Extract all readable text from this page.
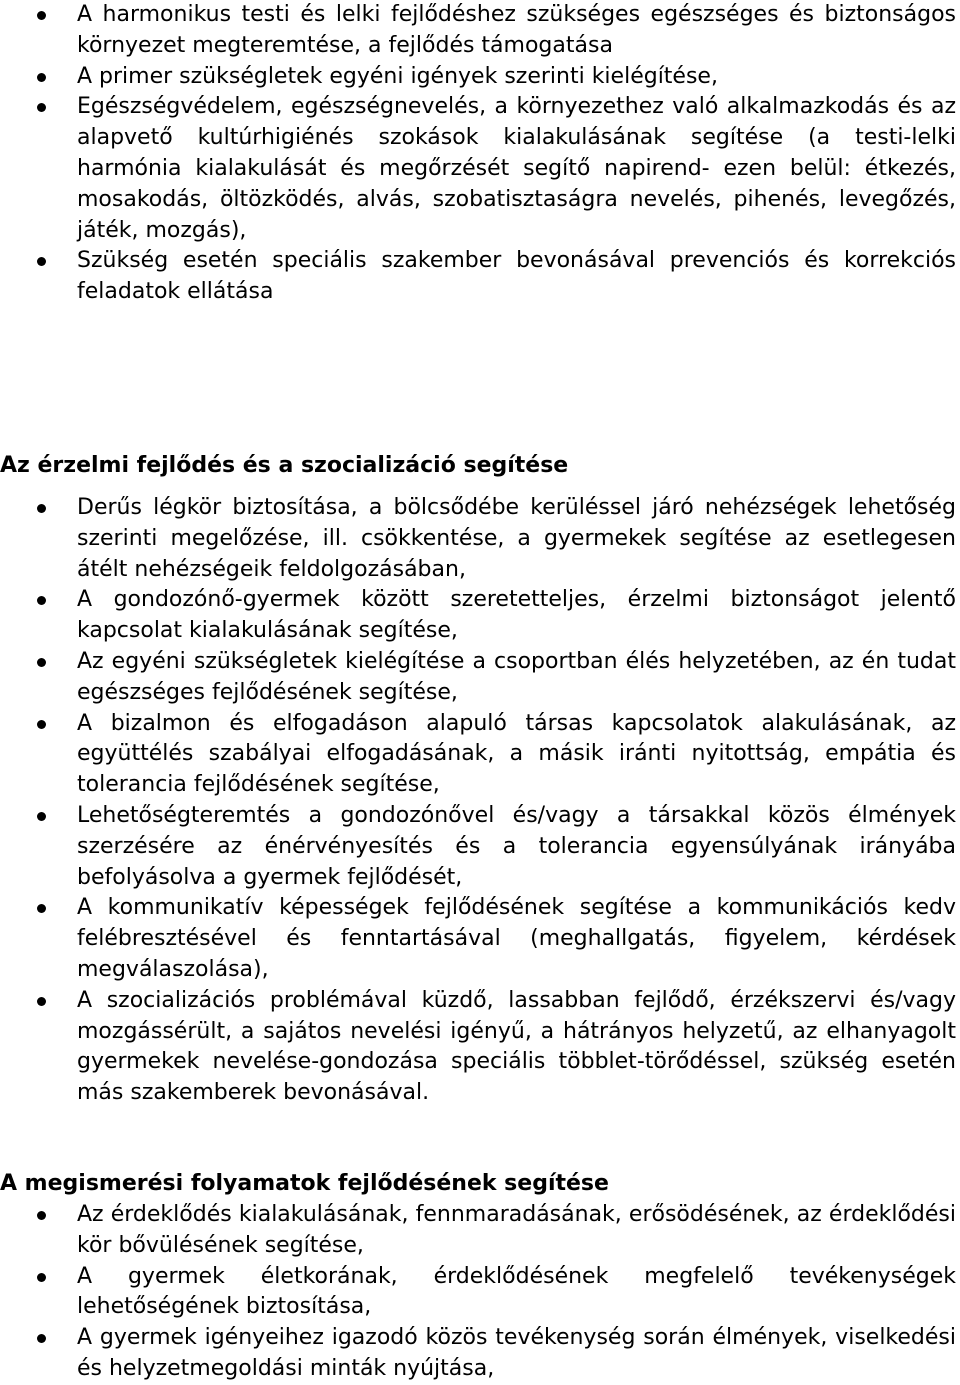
A harmonikus testi és lelki fejlődéshez szükséges egészséges és biztonságos környezet megteremtése, a fejlődés támogatása
A primer szükségletek egyéni igények szerinti kielégítése,
Egészségvédelem, egészségnevelés, a környezethez való alkalmazkodás és az alapvető kultúrhigiénés szokások kialakulásának segítése (a testi-lelki harmónia kialakulását és megőrzését segítő napirend- ezen belül: étkezés, mosakodás, öltözködés, alvás, szobatisztaságra nevelés, pihenés, levegőzés, játék, mozgás),
Szükség esetén speciális szakember bevonásával prevenciós és korrekciós feladatok ellátása
Az érzelmi fejlődés és a szocializáció segítése
Derűs légkör biztosítása, a bölcsődébe kerüléssel járó nehézségek lehetőség szerinti megelőzése, ill. csökkentése, a gyermekek segítése az esetlegesen átélt nehézségeik feldolgozásában,
A gondozónő-gyermek között szeretetteljes, érzelmi biztonságot jelentő kapcsolat kialakulásának segítése,
Az egyéni szükségletek kielégítése a csoportban élés helyzetében, az én tudat egészséges fejlődésének segítése,
A bizalmon és elfogadáson alapuló társas kapcsolatok alakulásának, az együttélés szabályai elfogadásának, a másik iránti nyitottság, empátia és tolerancia fejlődésének segítése,
Lehetőségteremtés a gondozónővel és/vagy a társakkal közös élmények szerzésére az énérvényesítés és a tolerancia egyensúlyának irányába befolyásolva a gyermek fejlődését,
A kommunikatív képességek fejlődésének segítése a kommunikációs kedv felébresztésével és fenntartásával (meghallgatás, figyelem, kérdések megválaszolása),
A szocializációs problémával küzdő, lassabban fejlődő, érzékszervi és/vagy mozgássérült, a sajátos nevelési igényű, a hátrányos helyzetű, az elhanyagolt gyermekek nevelése-gondozása speciális többlet-törődéssel, szükség esetén más szakemberek bevonásával.
A megismerési folyamatok fejlődésének segítése
Az érdeklődés kialakulásának, fennmaradásának, erősödésének, az érdeklődési kör bővülésének segítése,
A gyermek életkorának, érdeklődésének megfelelő tevékenységek lehetőségének biztosítása,
A gyermek igényeihez igazodó közös tevékenység során élmények, viselkedési és helyzetmegoldási minták nyújtása,
